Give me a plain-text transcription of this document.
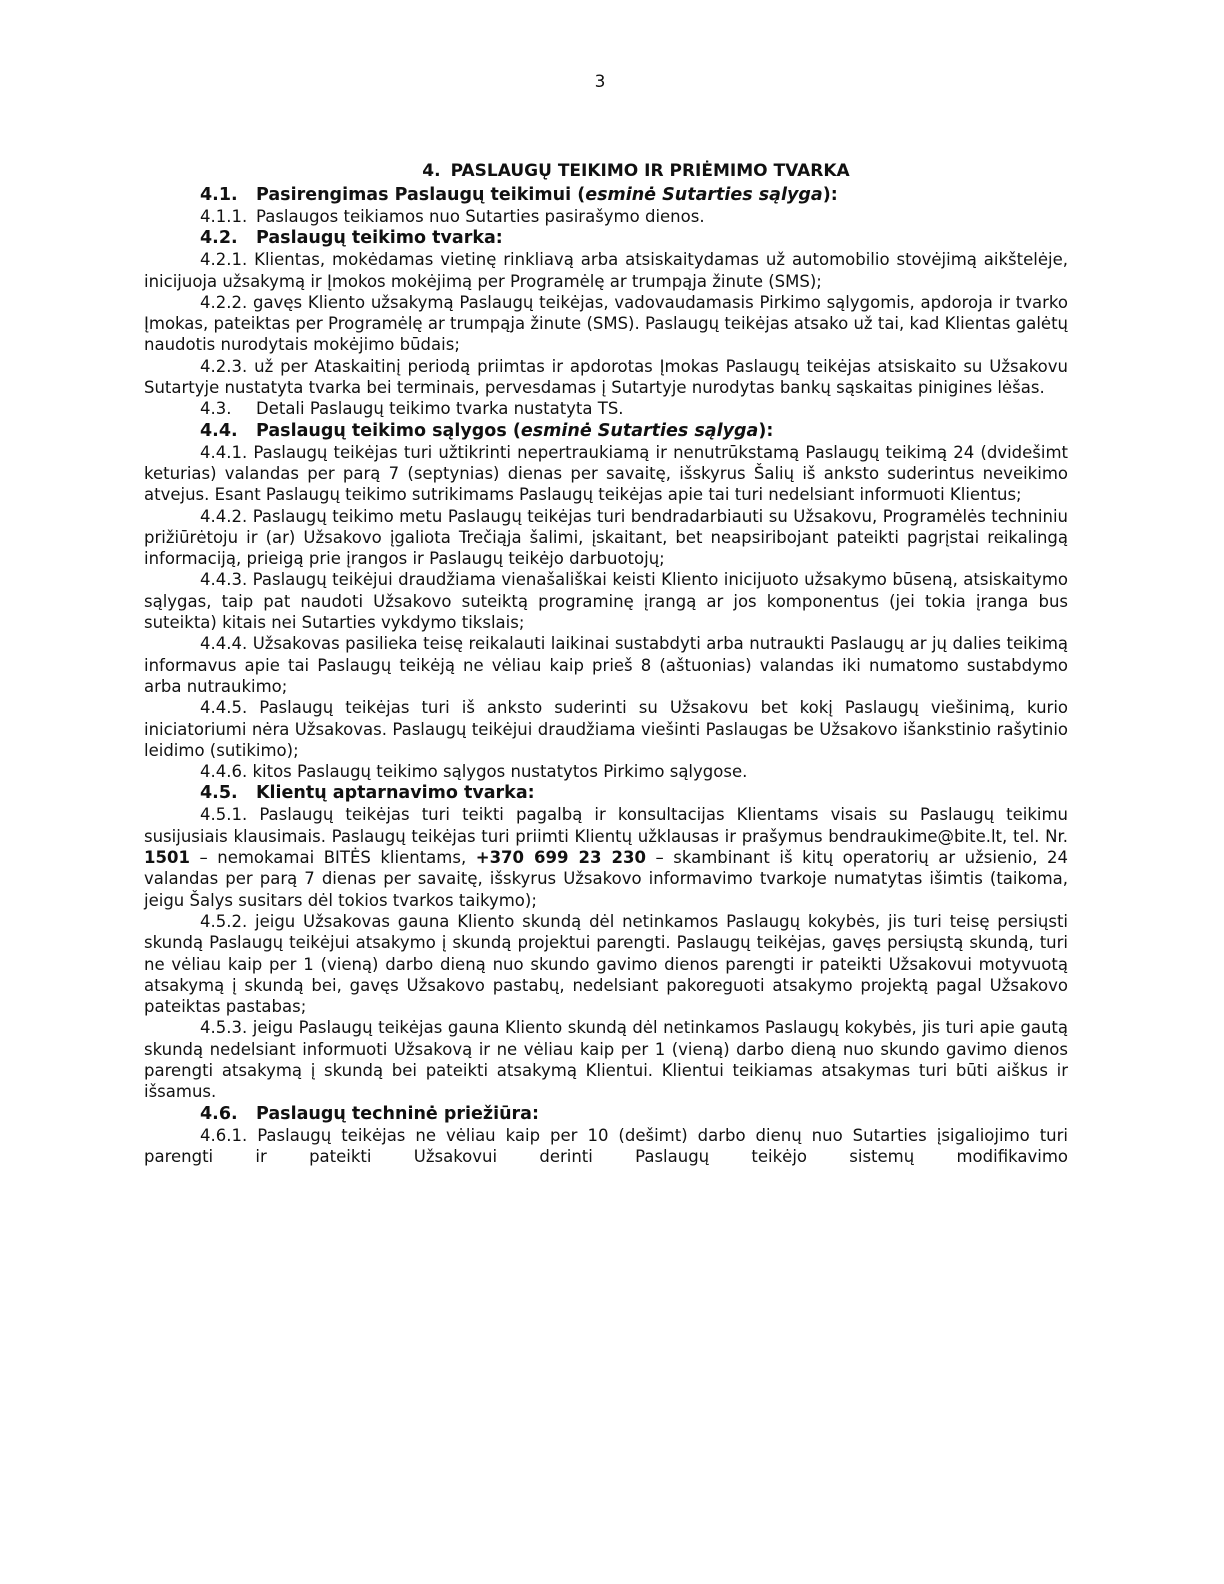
3
4. PASLAUGŲ TEIKIMO IR PRIĖMIMO TVARKA
4.1. Pasirengimas Paslaugų teikimui (esminė Sutarties sąlyga):

4.1.1. Paslaugos teikiamos nuo Sutarties pasirašymo dienos.

4.2. Paslaugų teikimo tvarka:

4.2.1. Klientas, mokėdamas vietinę rinkliavą arba atsiskaitydamas už automobilio stovėjimą aikštelėje, inicijuoja užsakymą ir Įmokos mokėjimą per Programėlę ar trumpąja žinute (SMS);

4.2.2. gavęs Kliento užsakymą Paslaugų teikėjas, vadovaudamasis Pirkimo sąlygomis, apdoroja ir tvarko Įmokas, pateiktas per Programėlę ar trumpąja žinute (SMS). Paslaugų teikėjas atsako už tai, kad Klientas galėtų naudotis nurodytais mokėjimo būdais;

4.2.3. už per Ataskaitinį periodą priimtas ir apdorotas Įmokas Paslaugų teikėjas atsiskaito su Užsakovu Sutartyje nustatyta tvarka bei terminais, pervesdamas į Sutartyje nurodytas bankų sąskaitas pinigines lėšas.

4.3. Detali Paslaugų teikimo tvarka nustatyta TS.

4.4. Paslaugų teikimo sąlygos (esminė Sutarties sąlyga):

4.4.1. Paslaugų teikėjas turi užtikrinti nepertraukiamą ir nenutrūkstamą Paslaugų teikimą 24 (dvidešimt keturias) valandas per parą 7 (septynias) dienas per savaitę, išskyrus Šalių iš anksto suderintus neveikimo atvejus. Esant Paslaugų teikimo sutrikimams Paslaugų teikėjas apie tai turi nedelsiant informuoti Klientus;

4.4.2. Paslaugų teikimo metu Paslaugų teikėjas turi bendradarbiauti su Užsakovu, Programėlės techniniu prižiūrėtoju ir (ar) Užsakovo įgaliota Trečiąja šalimi, įskaitant, bet neapsiribojant pateikti pagrįstai reikalingą informaciją, prieigą prie įrangos ir Paslaugų teikėjo darbuotojų;

4.4.3. Paslaugų teikėjui draudžiama vienašališkai keisti Kliento inicijuoto užsakymo būseną, atsiskaitymo sąlygas, taip pat naudoti Užsakovo suteiktą programinę įrangą ar jos komponentus (jei tokia įranga bus suteikta) kitais nei Sutarties vykdymo tikslais;

4.4.4. Užsakovas pasilieka teisę reikalauti laikinai sustabdyti arba nutraukti Paslaugų ar jų dalies teikimą informavus apie tai Paslaugų teikėją ne vėliau kaip prieš 8 (aštuonias) valandas iki numatomo sustabdymo arba nutraukimo;

4.4.5. Paslaugų teikėjas turi iš anksto suderinti su Užsakovu bet kokį Paslaugų viešinimą, kurio iniciatoriumi nėra Užsakovas. Paslaugų teikėjui draudžiama viešinti Paslaugas be Užsakovo išankstinio rašytinio leidimo (sutikimo);

4.4.6. kitos Paslaugų teikimo sąlygos nustatytos Pirkimo sąlygose.

4.5. Klientų aptarnavimo tvarka:

4.5.1. Paslaugų teikėjas turi teikti pagalbą ir konsultacijas Klientams visais su Paslaugų teikimu susijusiais klausimais. Paslaugų teikėjas turi priimti Klientų užklausas ir prašymus bendraukime@bite.lt, tel. Nr. 1501 – nemokamai BITĖS klientams, +370 699 23 230 – skambinant iš kitų operatorių ar užsienio, 24 valandas per parą 7 dienas per savaitę, išskyrus Užsakovo informavimo tvarkoje numatytas išimtis (taikoma, jeigu Šalys susitars dėl tokios tvarkos taikymo);

4.5.2. jeigu Užsakovas gauna Kliento skundą dėl netinkamos Paslaugų kokybės, jis turi teisę persiųsti skundą Paslaugų teikėjui atsakymo į skundą projektui parengti. Paslaugų teikėjas, gavęs persiųstą skundą, turi ne vėliau kaip per 1 (vieną) darbo dieną nuo skundo gavimo dienos parengti ir pateikti Užsakovui motyvuotą atsakymą į skundą bei, gavęs Užsakovo pastabų, nedelsiant pakoreguoti atsakymo projektą pagal Užsakovo pateiktas pastabas;

4.5.3. jeigu Paslaugų teikėjas gauna Kliento skundą dėl netinkamos Paslaugų kokybės, jis turi apie gautą skundą nedelsiant informuoti Užsakovą ir ne vėliau kaip per 1 (vieną) darbo dieną nuo skundo gavimo dienos parengti atsakymą į skundą bei pateikti atsakymą Klientui. Klientui teikiamas atsakymas turi būti aiškus ir išsamus.

4.6. Paslaugų techninė priežiūra:

4.6.1. Paslaugų teikėjas ne vėliau kaip per 10 (dešimt) darbo dienų nuo Sutarties įsigaliojimo turi parengti ir pateikti Užsakovui derinti Paslaugų teikėjo sistemų modifikavimo
